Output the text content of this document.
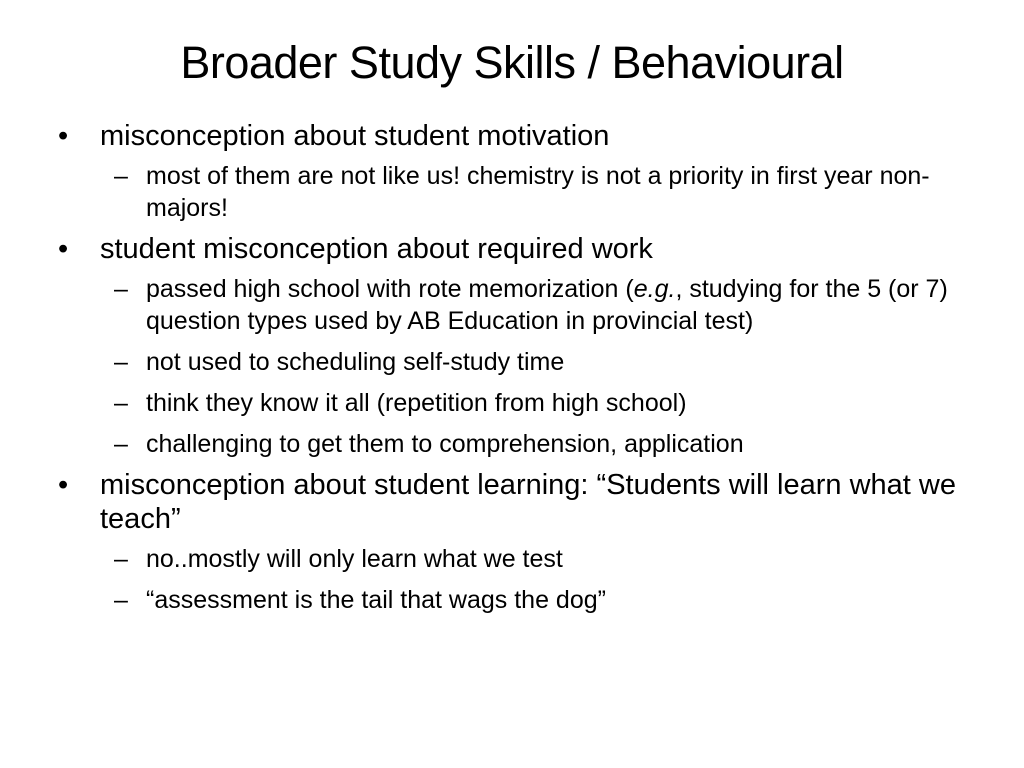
Broader Study Skills / Behavioural
•	misconception about student motivation
– most of them are not like us! chemistry is not a priority in first year non-majors!
•	student misconception about required work
– passed high school with rote memorization (e.g., studying for the 5 (or 7) question types used by AB Education in provincial test)
– not used to scheduling self-study time
– think they know it all (repetition from high school)
– challenging to get them to comprehension, application
•	misconception about student learning: “Students will learn what we teach”
– no..mostly will only learn what we test
– “assessment is the tail that wags the dog”
